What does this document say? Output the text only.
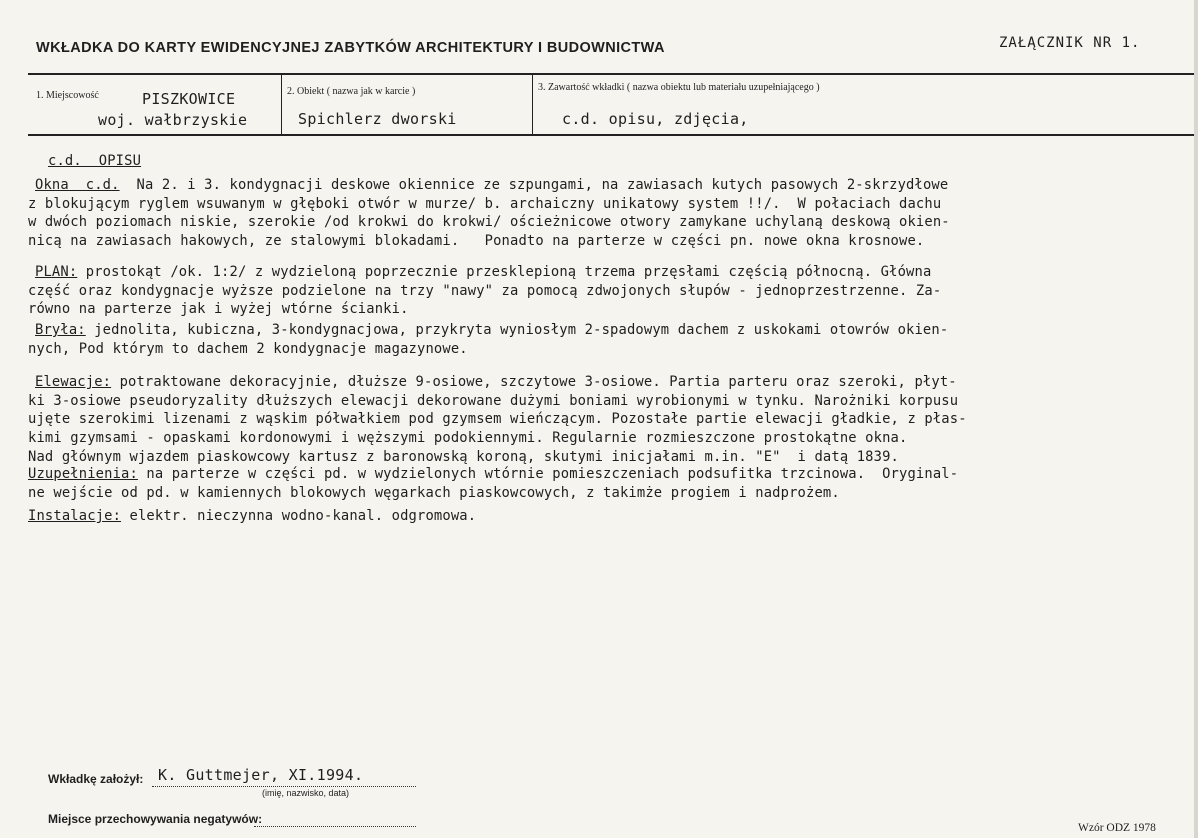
WKŁADKA DO KARTY EWIDENCYJNEJ ZABYTKÓW ARCHITEKTURY I BUDOWNICTWA	ZAŁĄCZNIK NR 1.
1. Miejscowość	PISZKOWICE
woj. wałbrzyskie
2. Obiekt ( nazwa jak w karcie )
Spichlerz dworski
3. Zawartość wkładki ( nazwa obiektu lub materiału uzupełniającego )
c.d. opisu, zdjęcia,
c.d.  OPISU
Okna  c.d.  Na 2. i 3. kondygnacji deskowe okiennice ze szpungami, na zawiasach kutych pasowych 2-skrzydłowe
z blokującym ryglem wsuwanym w głęboki otwór w murze/ b. archaiczny unikatowy system !!/.  W połaciach dachu
w dwóch poziomach niskie, szerokie /od krokwi do krokwi/ ościeżnicowe otwory zamykane uchylaną deskową okien-
nicą na zawiasach hakowych, ze stalowymi blokadami.   Ponadto na parterze w części pn. nowe okna krosnowe.
PLAN: prostokąt /ok. 1:2/ z wydzieloną poprzecznie przesklepioną trzema przęsłami częścią północną. Główna
część oraz kondygnacje wyższe podzielone na trzy "nawy" za pomocą zdwojonych słupów - jednoprzestrzenne. Za-
równo na parterze jak i wyżej wtórne ścianki.
Bryła: jednolita, kubiczna, 3-kondygnacjowa, przykryta wyniosłym 2-spadowym dachem z uskokami otowrów okien-
nych, Pod którym to dachem 2 kondygnacje magazynowe.
Elewacje: potraktowane dekoracyjnie, dłuższe 9-osiowe, szczytowe 3-osiowe. Partia parteru oraz szeroki, płyt-
ki 3-osiowe pseudoryzality dłuższych elewacji dekorowane dużymi boniami wyrobionymi w tynku. Narożniki korpusu
ujęte szerokimi lizenami z wąskim półwałkiem pod gzymsem wieńczącym. Pozostałe partie elewacji gładkie, z płas-
kimi gzymsami - opaskami kordonowymi i węższymi podokiennymi. Regularnie rozmieszczone prostokątne okna.
Nad głównym wjazdem piaskowcowy kartusz z baronowską koroną, skutymi inicjałami m.in. "E"  i datą 1839.
Uzupełnienia: na parterze w części pd. w wydzielonych wtórnie pomieszczeniach podsufitka trzcinowa.  Oryginal-
ne wejście od pd. w kamiennych blokowych węgarkach piaskowcowych, z takimże progiem i nadprożem.
Instalacje: elektr. nieczynna wodno-kanal. odgromowa.
Wkładkę założył: K. Guttmejer, XI.1994.
(imię, nazwisko, data)
Miejsce przechowywania negatywów:
Wzór ODZ 1978
